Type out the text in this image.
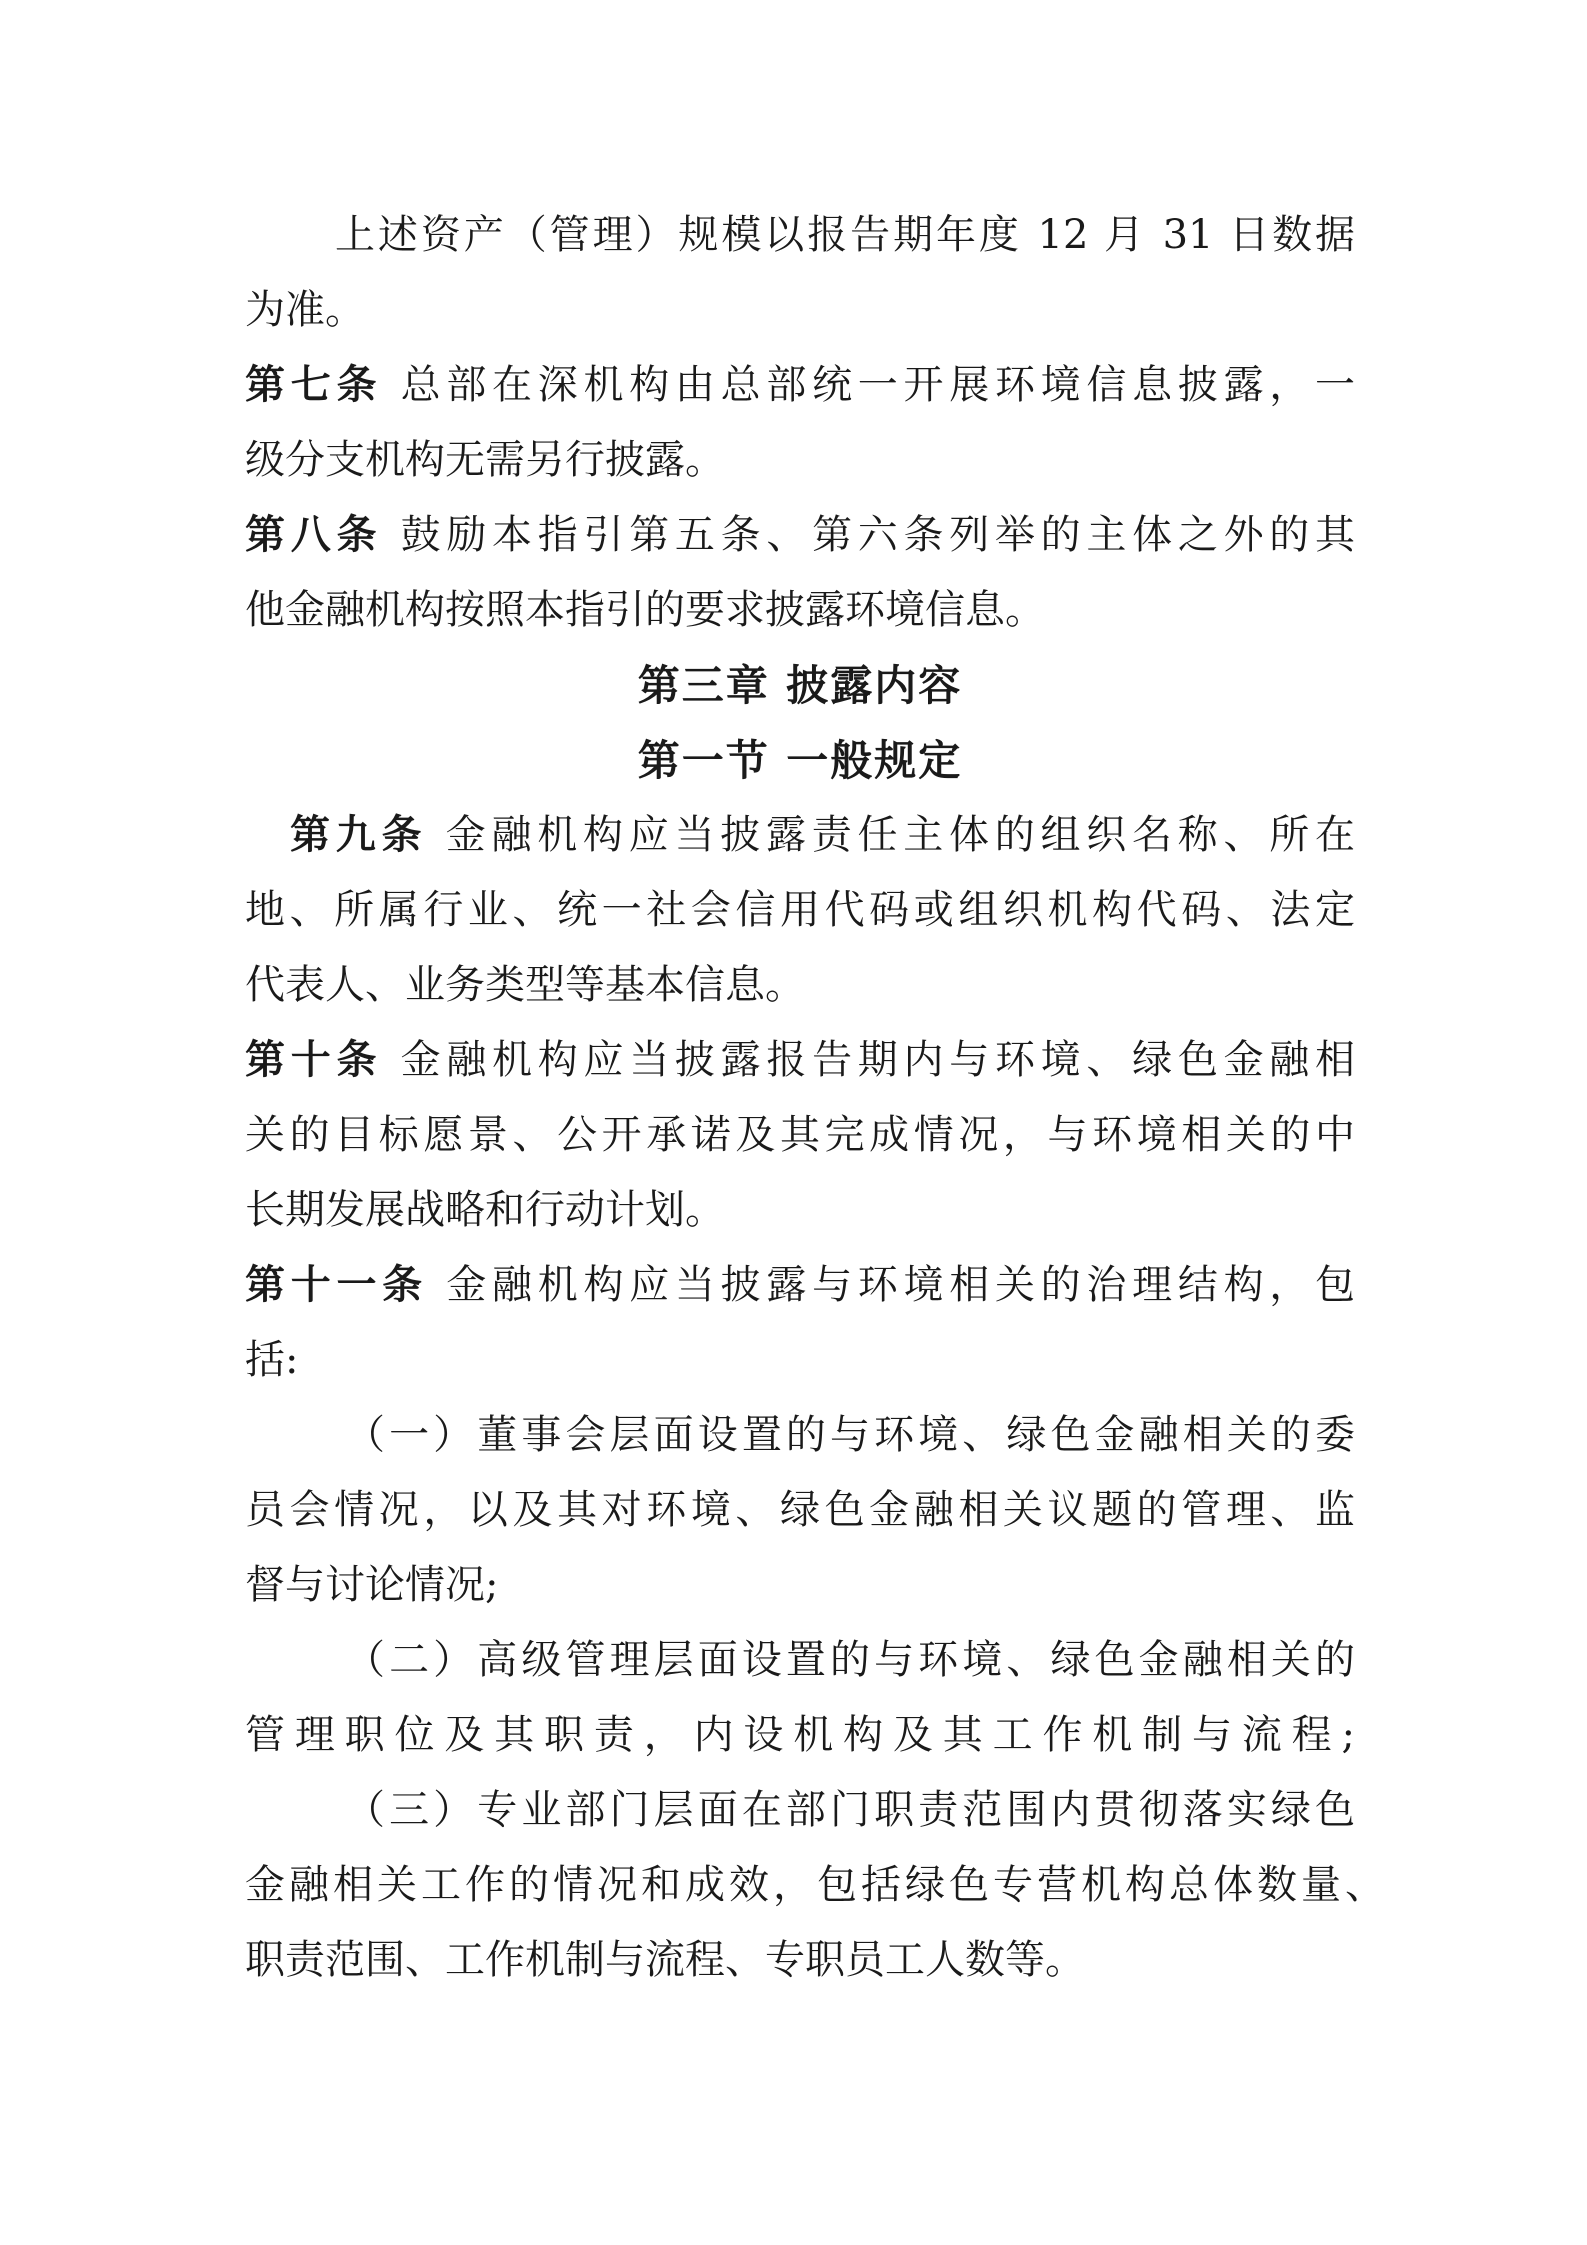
上述资产（管理）规模以报告期年度 12 月 31 日数据
为准。
第七条 总部在深机构由总部统一开展环境信息披露，一
级分支机构无需另行披露。
第八条 鼓励本指引第五条、第六条列举的主体之外的其
他金融机构按照本指引的要求披露环境信息。
第三章 披露内容
第一节 一般规定
第九条 金融机构应当披露责任主体的组织名称、所在
地、所属行业、统一社会信用代码或组织机构代码、法定
代表人、业务类型等基本信息。
第十条 金融机构应当披露报告期内与环境、绿色金融相
关的目标愿景、公开承诺及其完成情况，与环境相关的中
长期发展战略和行动计划。
第十一条 金融机构应当披露与环境相关的治理结构，包
括:
（一）董事会层面设置的与环境、绿色金融相关的委
员会情况，以及其对环境、绿色金融相关议题的管理、监
督与讨论情况;
（二）高级管理层面设置的与环境、绿色金融相关的
管理职位及其职责，内设机构及其工作机制与流程;
（三）专业部门层面在部门职责范围内贯彻落实绿色
金融相关工作的情况和成效，包括绿色专营机构总体数量、
职责范围、工作机制与流程、专职员工人数等。
